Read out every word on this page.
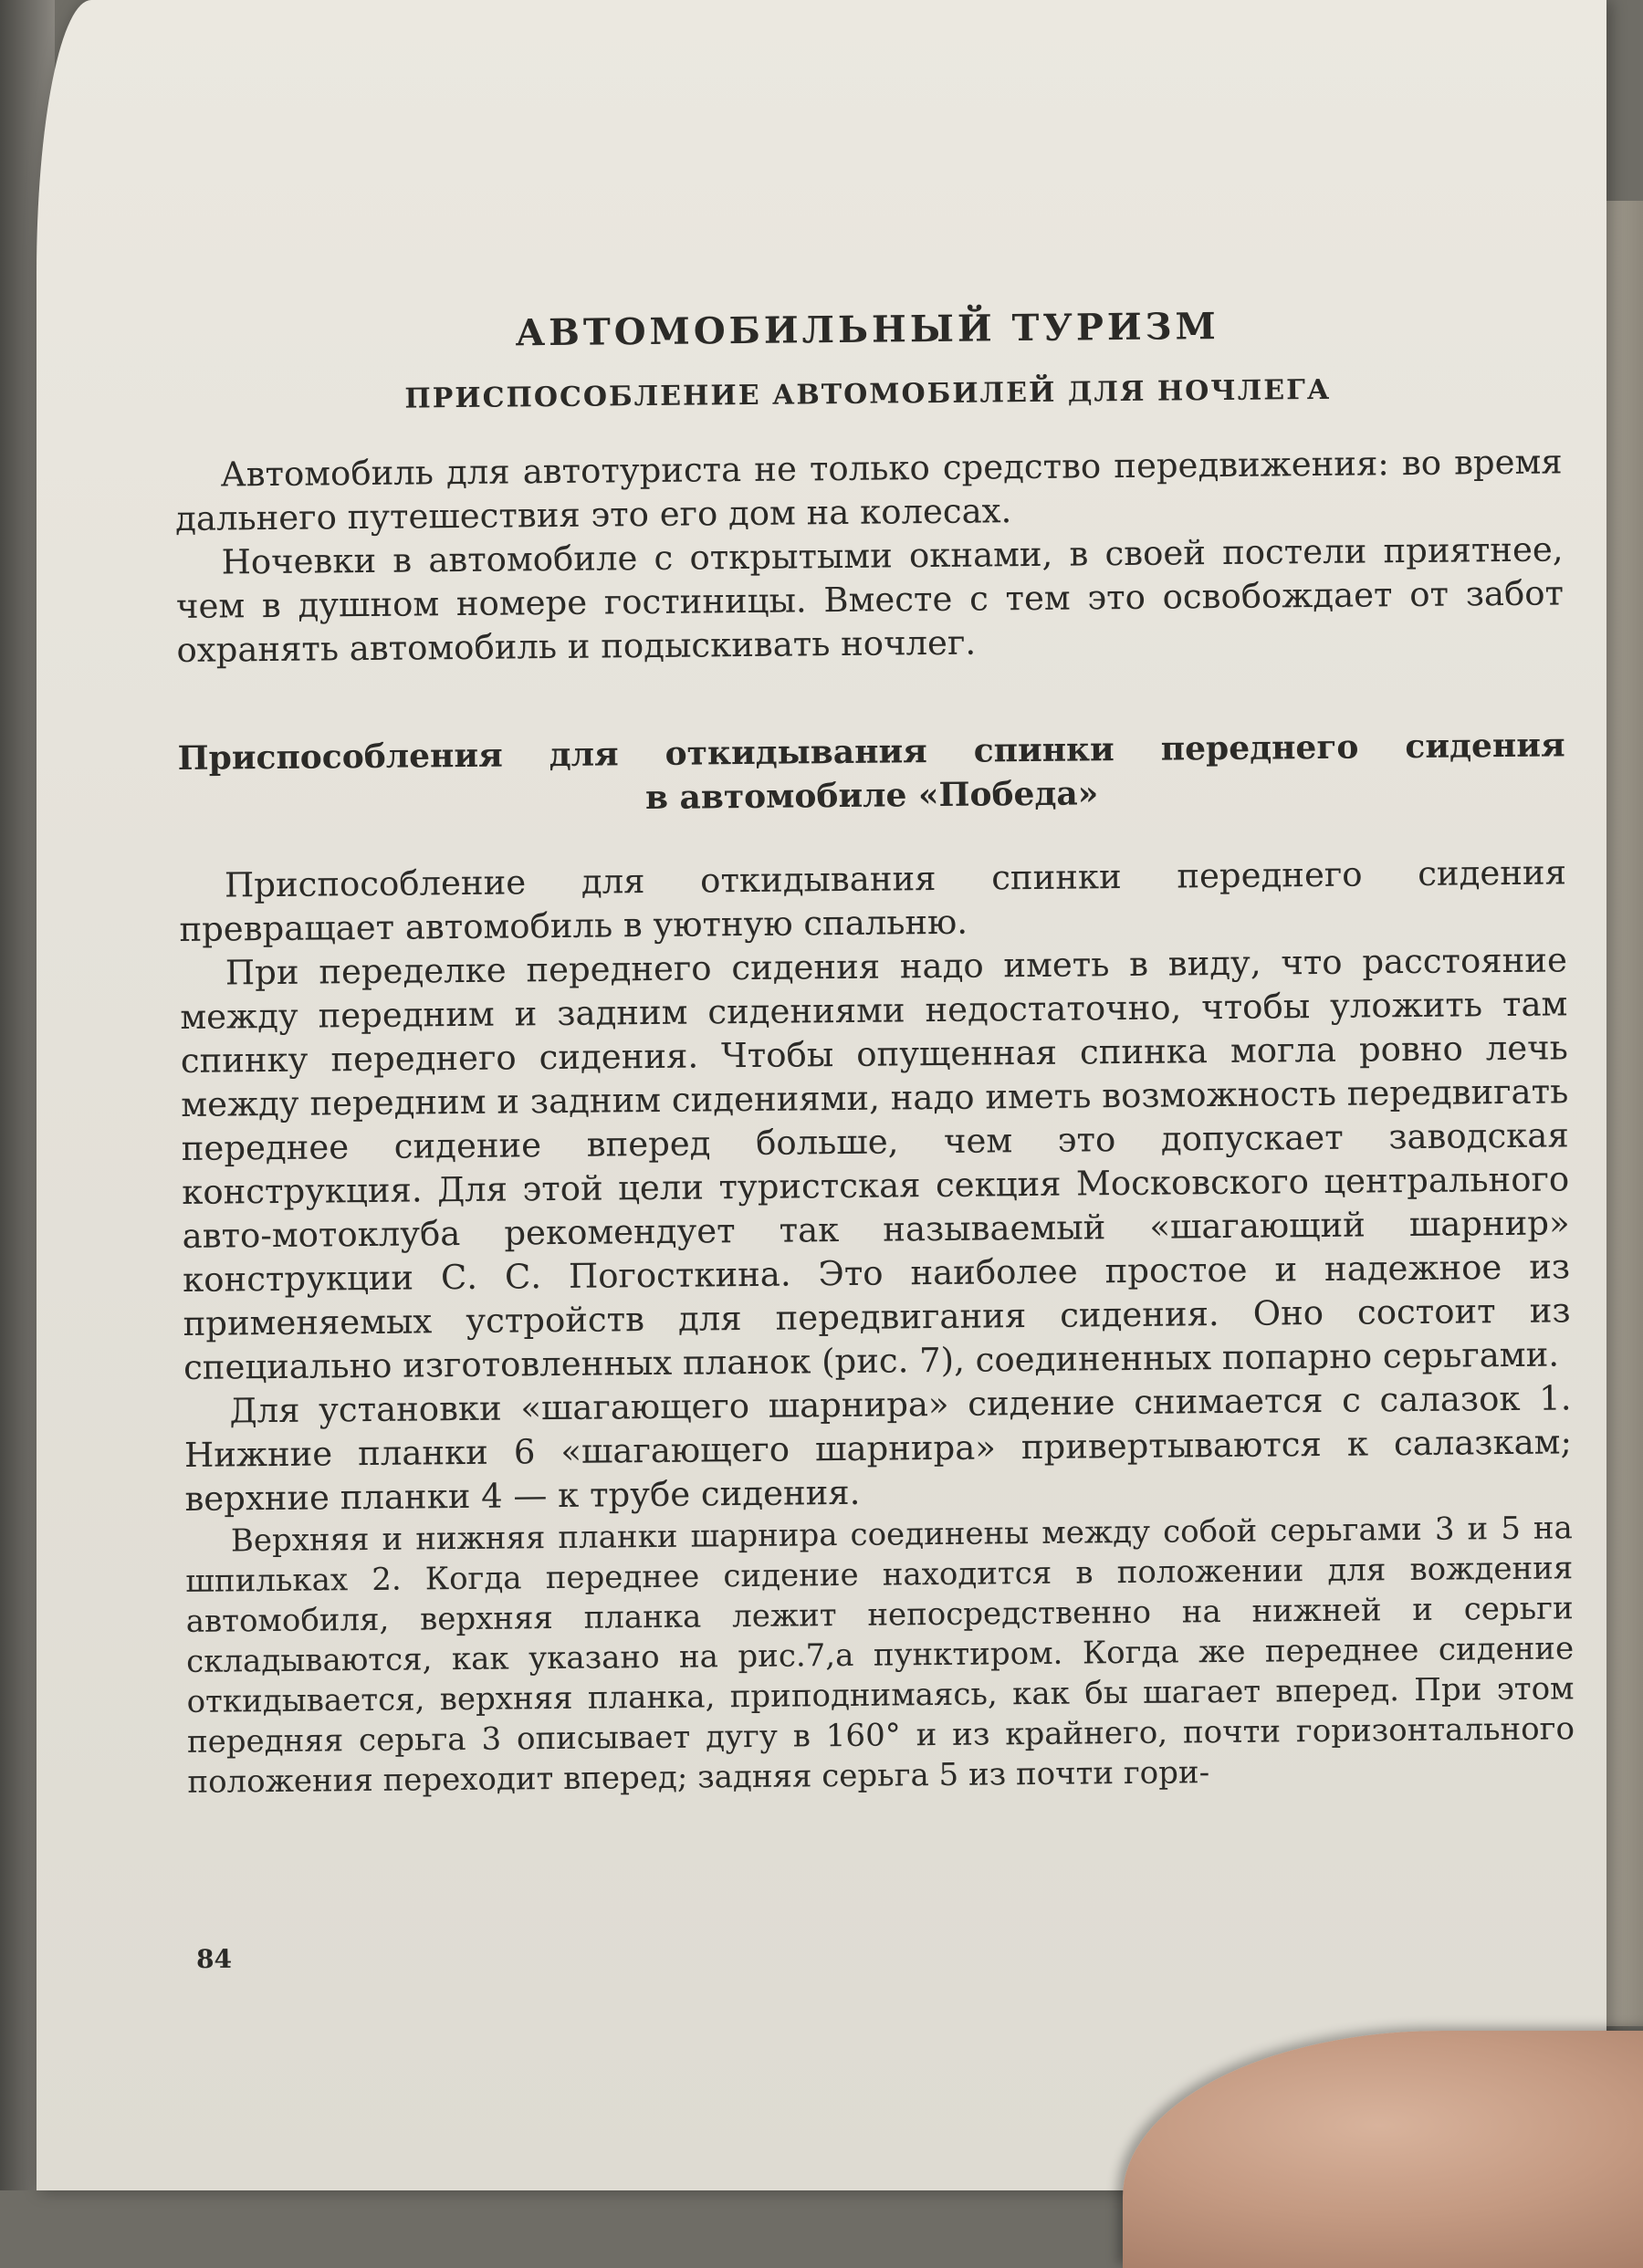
АВТОМОБИЛЬНЫЙ ТУРИЗМ
ПРИСПОСОБЛЕНИЕ АВТОМОБИЛЕЙ ДЛЯ НОЧЛЕГА

Автомобиль для автотуриста не только средство передвижения: во время дальнего путешествия это его дом на колесах.

Ночевки в автомобиле с открытыми окнами, в своей постели приятнее, чем в душном номере гостиницы. Вместе с тем это освобождает от забот охранять автомобиль и подыскивать ночлег.

Приспособления для откидывания спинки переднего сидения
в автомобиле «Победа»

Приспособление для откидывания спинки переднего сидения превращает автомобиль в уютную спальню.

При переделке переднего сидения надо иметь в виду, что расстояние между передним и задним сидениями недостаточно, чтобы уложить там спинку переднего сидения. Чтобы опущенная спинка могла ровно лечь между передним и задним сидениями, надо иметь возможность передвигать переднее сидение вперед больше, чем это допускает заводская конструкция. Для этой цели туристская секция Московского центрального авто-мотоклуба рекомендует так называемый «шагающий шарнир» конструкции С. С. Погосткина. Это наиболее простое и надежное из применяемых устройств для передвигания сидения. Оно состоит из специально изготовленных планок (рис. 7), соединенных попарно серьгами.

Для установки «шагающего шарнира» сидение снимается с салазок 1. Нижние планки 6 «шагающего шарнира» привертываются к салазкам; верхние планки 4 — к трубе сидения.

Верхняя и нижняя планки шарнира соединены между собой серьгами 3 и 5 на шпильках 2. Когда переднее сидение находится в положении для вождения автомобиля, верхняя планка лежит непосредственно на нижней и серьги складываются, как указано на рис.7,а пунктиром. Когда же переднее сидение откидывается, верхняя планка, приподнимаясь, как бы шагает вперед. При этом передняя серьга 3 описывает дугу в 160° и из крайнего, почти горизонтального положения переходит вперед; задняя серьга 5 из почти гори-

84
